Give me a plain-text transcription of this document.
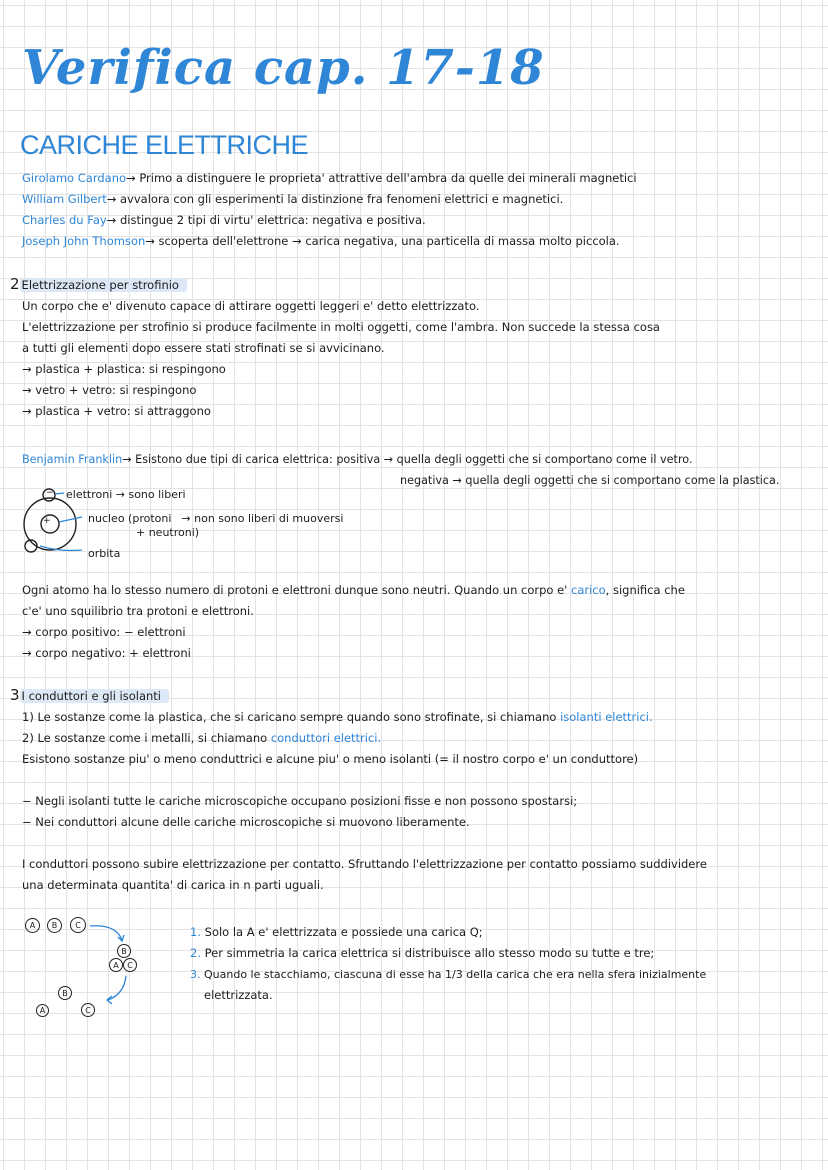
Verifica cap. 17-18
CARICHE ELETTRICHE
Girolamo Cardano→ Primo a distinguere le proprieta' attrattive dell'ambra da quelle dei minerali magnetici
William Gilbert→ avvalora con gli esperimenti la distinzione fra fenomeni elettrici e magnetici.
Charles du Fay→ distingue 2 tipi di virtu' elettrica: negativa e positiva.
Joseph John Thomson→ scoperta dell'elettrone → carica negativa, una particella di massa molto piccola.
2 Elettrizzazione per strofinio
Un corpo che e' divenuto capace di attirare oggetti leggeri e' detto elettrizzato.
L'elettrizzazione per strofinio si produce facilmente in molti oggetti, come l'ambra. Non succede la stessa cosa
a tutti gli elementi dopo essere stati strofinati se si avvicinano.
→ plastica + plastica: si respingono
→ vetro + vetro: si respingono
→ plastica + vetro: si attraggono
Benjamin Franklin→ Esistono due tipi di carica elettrica: positiva → quella degli oggetti che si comportano come il vetro.
negativa → quella degli oggetti che si comportano come la plastica.
+
− elettroni → sono liberi
nucleo (protoni → non sono liberi di muoversi
+ neutroni)
orbita
Ogni atomo ha lo stesso numero di protoni e elettroni dunque sono neutri. Quando un corpo e' carico, significa che
c'e' uno squilibrio tra protoni e elettroni.
→ corpo positivo: − elettroni
→ corpo negativo: + elettroni
3 I conduttori e gli isolanti
1) Le sostanze come la plastica, che si caricano sempre quando sono strofinate, si chiamano isolanti elettrici.
2) Le sostanze come i metalli, si chiamano conduttori elettrici.
Esistono sostanze piu' o meno conduttrici e alcune piu' o meno isolanti (= il nostro corpo e' un conduttore)
− Negli isolanti tutte le cariche microscopiche occupano posizioni fisse e non possono spostarsi;
− Nei conduttori alcune delle cariche microscopiche si muovono liberamente.
I conduttori possono subire elettrizzazione per contatto. Sfruttando l'elettrizzazione per contatto possiamo suddividere
una determinata quantita' di carica in n parti uguali.
A	B	C
B
A	C
B
A	C
1. Solo la A e' elettrizzata e possiede una carica Q;
2. Per simmetria la carica elettrica si distribuisce allo stesso modo su tutte e tre;
3. Quando le stacchiamo, ciascuna di esse ha 1/3 della carica che era nella sfera inizialmente
elettrizzata.
